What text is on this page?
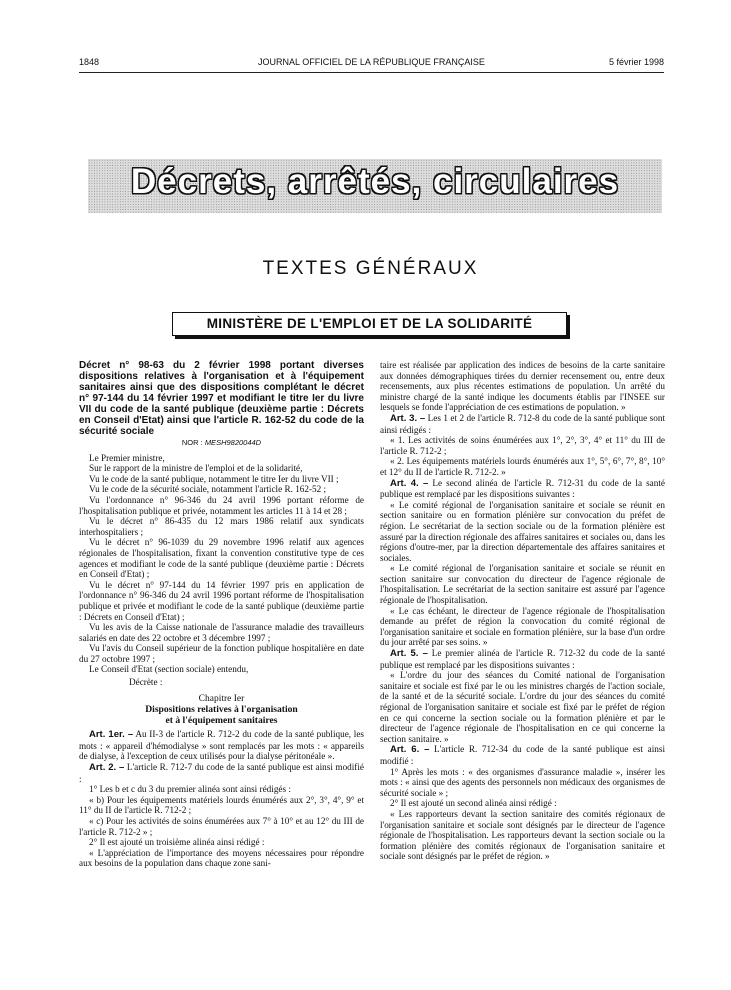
1848	JOURNAL OFFICIEL DE LA RÉPUBLIQUE FRANÇAISE	5 février 1998
Décrets, arrêtés, circulaires
TEXTES GÉNÉRAUX
MINISTÈRE DE L'EMPLOI ET DE LA SOLIDARITÉ

Décret n° 98-63 du 2 février 1998 portant diverses dispositions relatives à l'organisation et à l'équipement sanitaires ainsi que des dispositions complétant le décret n° 97-144 du 14 février 1997 et modifiant le titre Ier du livre VII du code de la santé publique (deuxième partie : Décrets en Conseil d'Etat) ainsi que l'article R. 162-52 du code de la sécurité sociale

NOR : MESH9820044D

Le Premier ministre,

Sur le rapport de la ministre de l'emploi et de la solidarité,

Vu le code de la santé publique, notamment le titre Ier du livre VII ;

Vu le code de la sécurité sociale, notamment l'article R. 162-52 ;

Vu l'ordonnance n° 96-346 du 24 avril 1996 portant réforme de l'hospitalisation publique et privée, notamment les articles 11 à 14 et 28 ;

Vu le décret n° 86-435 du 12 mars 1986 relatif aux syndicats interhospitaliers ;

Vu le décret n° 96-1039 du 29 novembre 1996 relatif aux agences régionales de l'hospitalisation, fixant la convention constitutive type de ces agences et modifiant le code de la santé publique (deuxième partie : Décrets en Conseil d'Etat) ;

Vu le décret n° 97-144 du 14 février 1997 pris en application de l'ordonnance n° 96-346 du 24 avril 1996 portant réforme de l'hospitalisation publique et privée et modifiant le code de la santé publique (deuxième partie : Décrets en Conseil d'Etat) ;

Vu les avis de la Caisse nationale de l'assurance maladie des travailleurs salariés en date des 22 octobre et 3 décembre 1997 ;

Vu l'avis du Conseil supérieur de la fonction publique hospitalière en date du 27 octobre 1997 ;

Le Conseil d'Etat (section sociale) entendu,

Décrète :

Chapitre Ier

Dispositions relatives à l'organisation

et à l'équipement sanitaires

Art. 1er. – Au II-3 de l'article R. 712-2 du code de la santé publique, les mots : « appareil d'hémodialyse » sont remplacés par les mots : « appareils de dialyse, à l'exception de ceux utilisés pour la dialyse péritonéale ».

Art. 2. – L'article R. 712-7 du code de la santé publique est ainsi modifié :

1° Les b et c du 3 du premier alinéa sont ainsi rédigés :

« b) Pour les équipements matériels lourds énumérés aux 2°, 3°, 4°, 9° et 11° du II de l'article R. 712-2 ;

« c) Pour les activités de soins énumérées aux 7° à 10° et au 12° du III de l'article R. 712-2 » ;

2° Il est ajouté un troisième alinéa ainsi rédigé :

« L'appréciation de l'importance des moyens nécessaires pour répondre aux besoins de la population dans chaque zone sani-

taire est réalisée par application des indices de besoins de la carte sanitaire aux données démographiques tirées du dernier recensement ou, entre deux recensements, aux plus récentes estimations de population. Un arrêté du ministre chargé de la santé indique les documents établis par l'INSEE sur lesquels se fonde l'appréciation de ces estimations de population. »

Art. 3. – Les 1 et 2 de l'article R. 712-8 du code de la santé publique sont ainsi rédigés :

« 1. Les activités de soins énumérées aux 1°, 2°, 3°, 4° et 11° du III de l'article R. 712-2 ;

« 2. Les équipements matériels lourds énumérés aux 1°, 5°, 6°, 7°, 8°, 10° et 12° du II de l'article R. 712-2. »

Art. 4. – Le second alinéa de l'article R. 712-31 du code de la santé publique est remplacé par les dispositions suivantes :

« Le comité régional de l'organisation sanitaire et sociale se réunit en section sanitaire ou en formation plénière sur convocation du préfet de région. Le secrétariat de la section sociale ou de la formation plénière est assuré par la direction régionale des affaires sanitaires et sociales ou, dans les régions d'outre-mer, par la direction départementale des affaires sanitaires et sociales.

« Le comité régional de l'organisation sanitaire et sociale se réunit en section sanitaire sur convocation du directeur de l'agence régionale de l'hospitalisation. Le secrétariat de la section sanitaire est assuré par l'agence régionale de l'hospitalisation.

« Le cas échéant, le directeur de l'agence régionale de l'hospitalisation demande au préfet de région la convocation du comité régional de l'organisation sanitaire et sociale en formation plénière, sur la base d'un ordre du jour arrêté par ses soins. »

Art. 5. – Le premier alinéa de l'article R. 712-32 du code de la santé publique est remplacé par les dispositions suivantes :

« L'ordre du jour des séances du Comité national de l'organisation sanitaire et sociale est fixé par le ou les ministres chargés de l'action sociale, de la santé et de la sécurité sociale. L'ordre du jour des séances du comité régional de l'organisation sanitaire et sociale est fixé par le préfet de région en ce qui concerne la section sociale ou la formation plénière et par le directeur de l'agence régionale de l'hospitalisation en ce qui concerne la section sanitaire. »

Art. 6. – L'article R. 712-34 du code de la santé publique est ainsi modifié :

1° Après les mots : « des organismes d'assurance maladie », insérer les mots : « ainsi que des agents des personnels non médicaux des organismes de sécurité sociale » ;

2° Il est ajouté un second alinéa ainsi rédigé :

« Les rapporteurs devant la section sanitaire des comités régionaux de l'organisation sanitaire et sociale sont désignés par le directeur de l'agence régionale de l'hospitalisation. Les rapporteurs devant la section sociale ou la formation plénière des comités régionaux de l'organisation sanitaire et sociale sont désignés par le préfet de région. »
